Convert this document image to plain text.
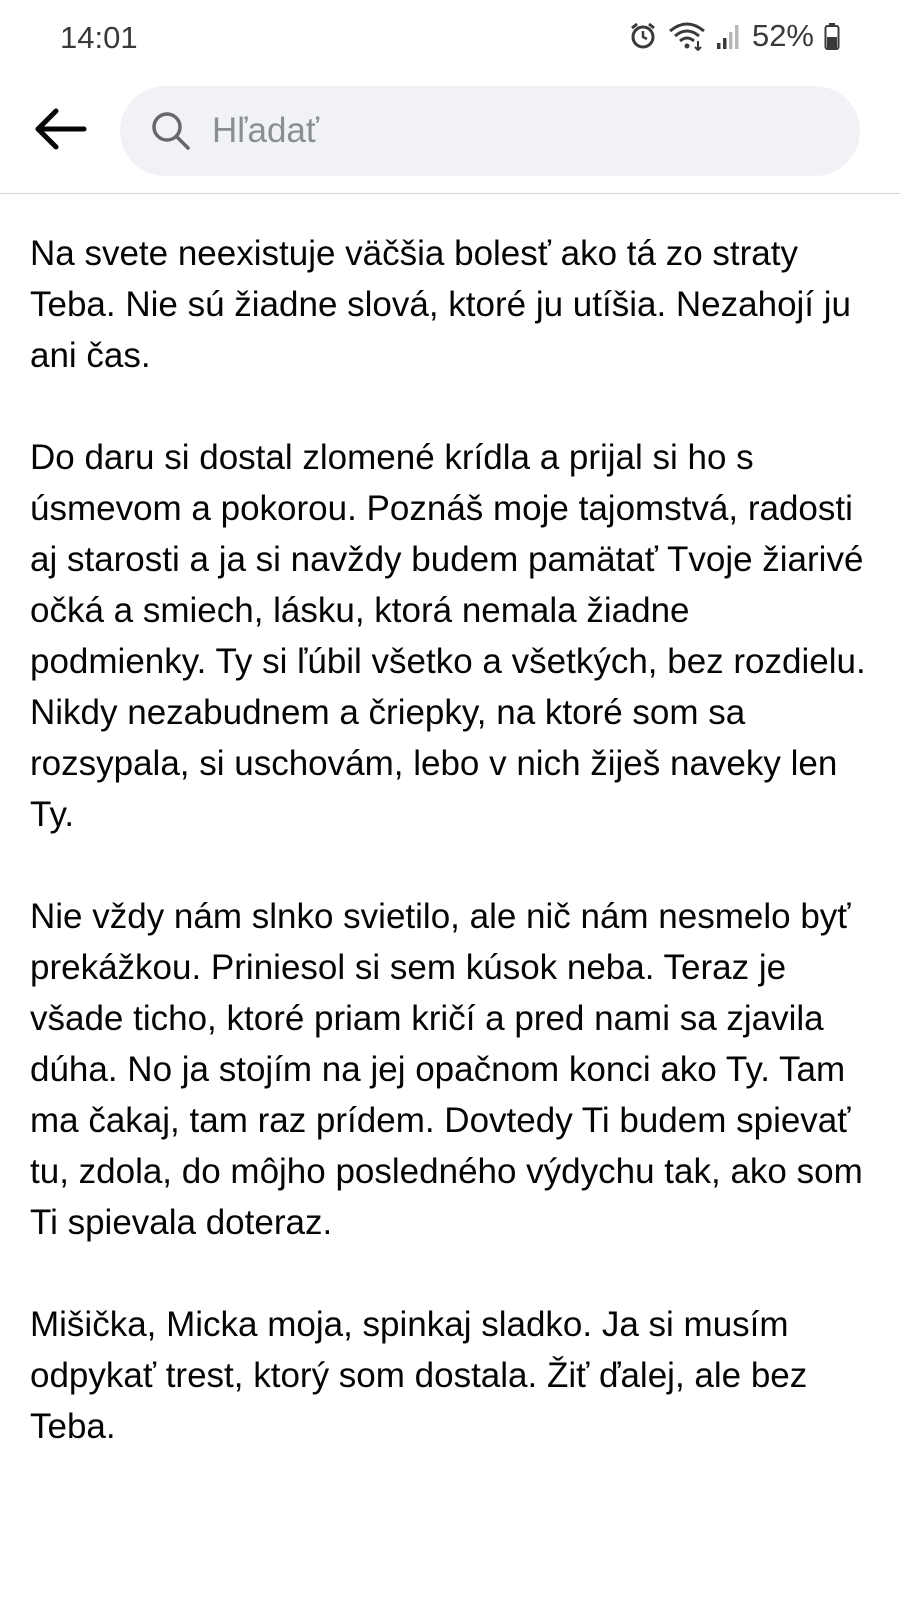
14:01	52%
Hľadať

Na svete neexistuje väčšia bolesť ako tá zo straty Teba. Nie sú žiadne slová, ktoré ju utíšia. Nezahojí ju ani čas.

Do daru si dostal zlomené krídla a prijal si ho s úsmevom a pokorou. Poznáš moje tajomstvá, radosti aj starosti a ja si navždy budem pamätať Tvoje žiarivé očká a smiech, lásku, ktorá nemala žiadne podmienky. Ty si ľúbil všetko a všetkých, bez rozdielu. Nikdy nezabudnem a čriepky, na ktoré som sa rozsypala, si uschovám, lebo v nich žiješ naveky len Ty.

Nie vždy nám slnko svietilo, ale nič nám nesmelo byť prekážkou. Priniesol si sem kúsok neba. Teraz je všade ticho, ktoré priam kričí a pred nami sa zjavila dúha. No ja stojím na jej opačnom konci ako Ty. Tam ma čakaj, tam raz prídem. Dovtedy Ti budem spievať tu, zdola, do môjho posledného výdychu tak, ako som Ti spievala doteraz.

Mišička, Micka moja, spinkaj sladko. Ja si musím odpykať trest, ktorý som dostala. Žiť ďalej, ale bez Teba.
